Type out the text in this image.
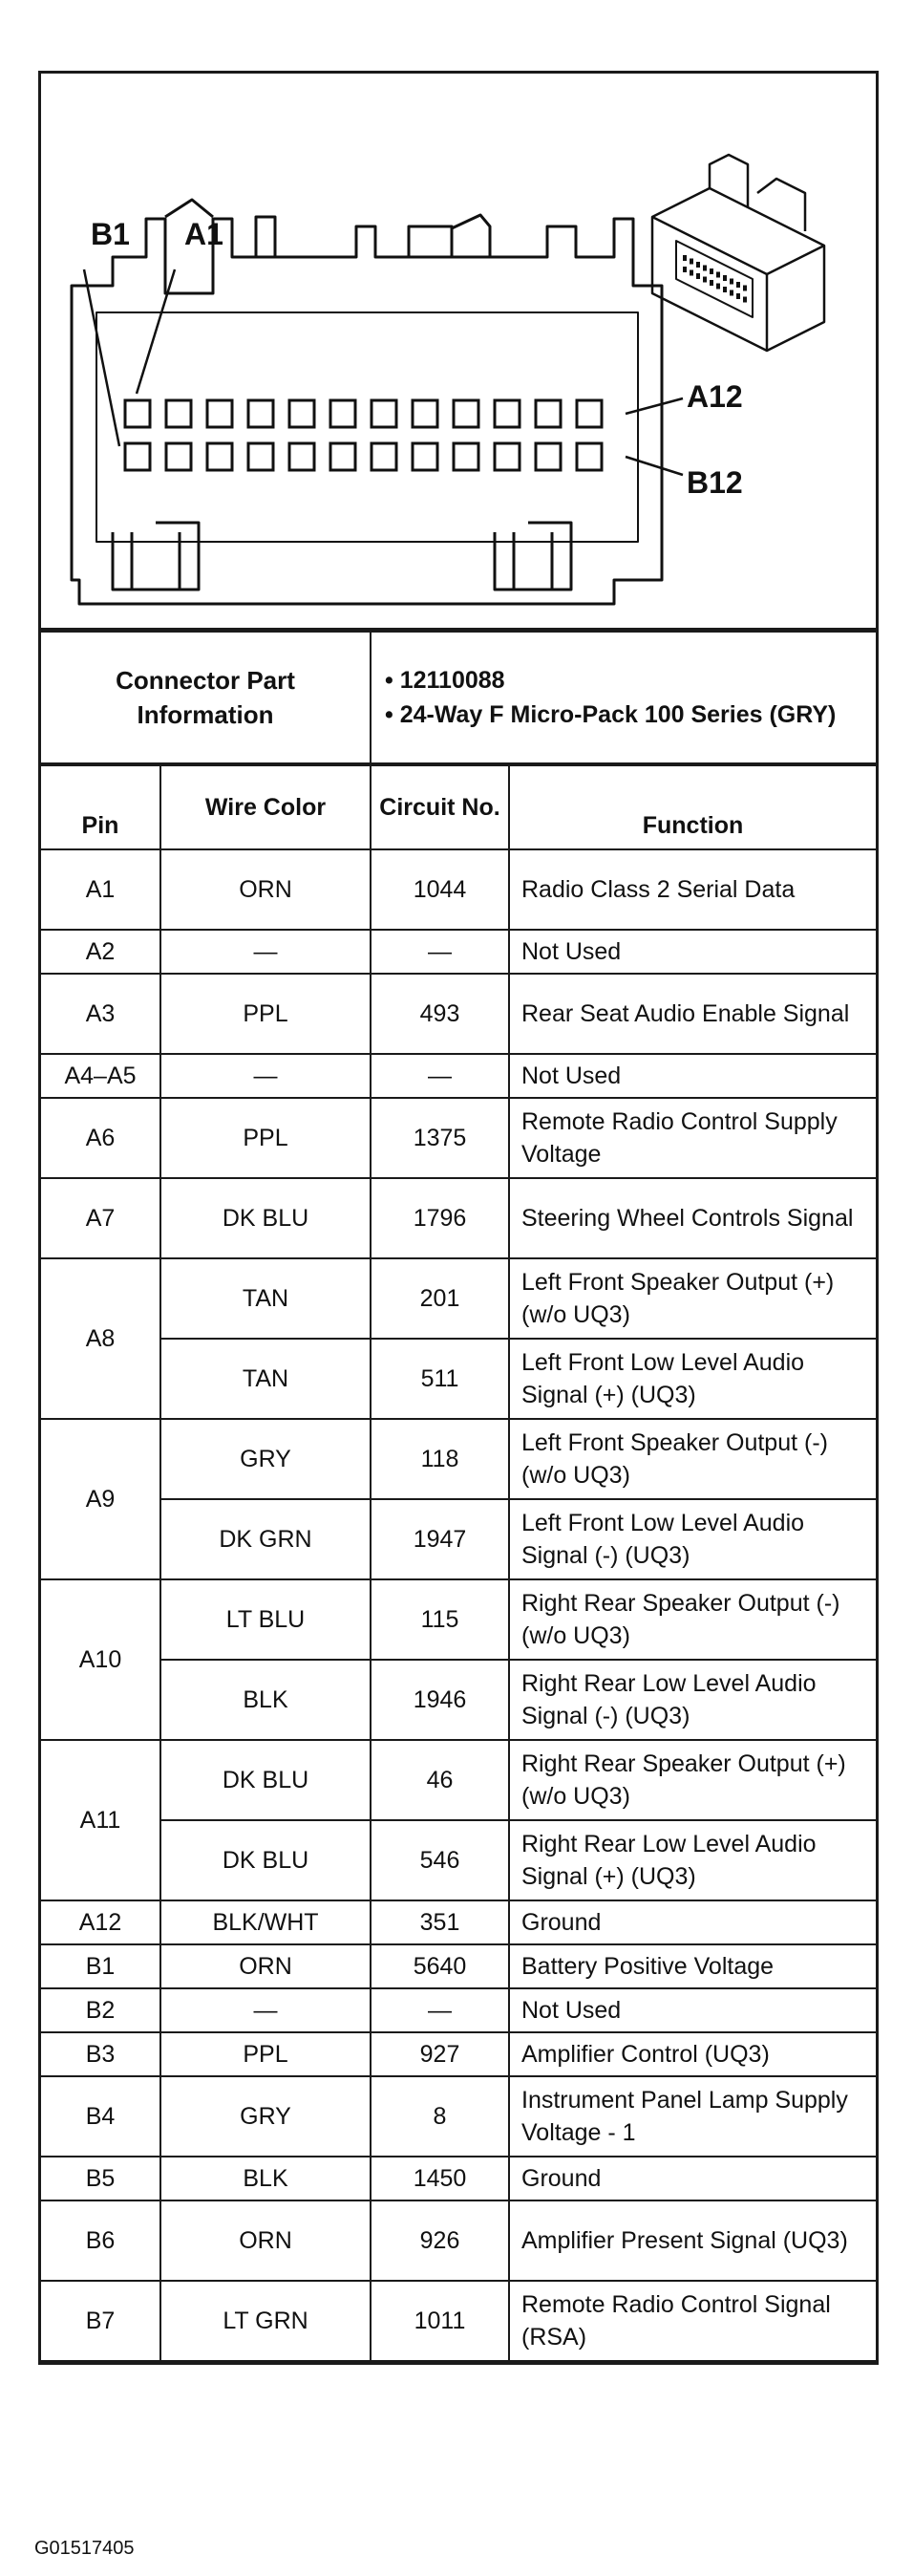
B1 A1
A12
B12
Connector Part Information	
• 12110088
• 24-Way F Micro-Pack 100 Series (GRY)
Pin	Wire Color	Circuit No.	Function
A1	ORN	1044	Radio Class 2 Serial Data
A2	—	—	Not Used
A3	PPL	493	Rear Seat Audio Enable Signal
A4–A5	—	—	Not Used
A6	PPL	1375	Remote Radio Control Supply Voltage
A7	DK BLU	1796	Steering Wheel Controls Signal
A8	TAN	201	Left Front Speaker Output (+) (w/o UQ3)
	TAN	511	Left Front Low Level Audio Signal (+) (UQ3)
A9	GRY	118	Left Front Speaker Output (-) (w/o UQ3)
	DK GRN	1947	Left Front Low Level Audio Signal (-) (UQ3)
A10	LT BLU	115	Right Rear Speaker Output (-) (w/o UQ3)
	BLK	1946	Right Rear Low Level Audio Signal (-) (UQ3)
A11	DK BLU	46	Right Rear Speaker Output (+) (w/o UQ3)
	DK BLU	546	Right Rear Low Level Audio Signal (+) (UQ3)
A12	BLK/WHT	351	Ground
B1	ORN	5640	Battery Positive Voltage
B2	—	—	Not Used
B3	PPL	927	Amplifier Control (UQ3)
B4	GRY	8	Instrument Panel Lamp Supply Voltage - 1
B5	BLK	1450	Ground
B6	ORN	926	Amplifier Present Signal (UQ3)
B7	LT GRN	1011	Remote Radio Control Signal (RSA)
G01517405
